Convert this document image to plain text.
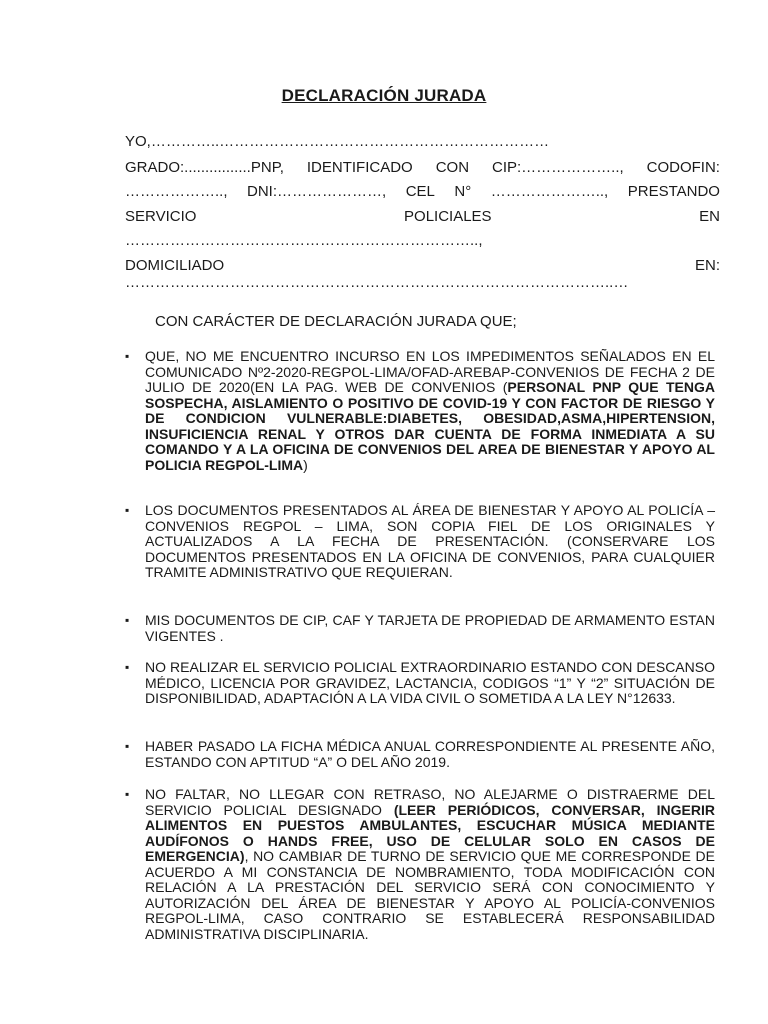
DECLARACIÓN JURADA
YO,…………..…………………………………………………………
GRADO:................PNP, IDENTIFICADO CON CIP:……………….., CODOFIN:
……………….., DNI:…………………, CEL N° ………………….., PRESTANDO
SERVICIO	POLICIALES	EN
……………………………………………………………..,
DOMICILIADO	EN:
……………………………………………………………………………………..…
CON CARÁCTER DE DECLARACIÓN JURADA QUE;
▪ QUE, NO ME ENCUENTRO INCURSO EN LOS IMPEDIMENTOS SEÑALADOS EN EL COMUNICADO Nº2-2020-REGPOL-LIMA/OFAD-AREBAP-CONVENIOS DE FECHA 2 DE JULIO DE 2020(EN LA PAG. WEB DE CONVENIOS (PERSONAL PNP QUE TENGA SOSPECHA, AISLAMIENTO O POSITIVO DE COVID-19 Y CON FACTOR DE RIESGO Y DE CONDICION VULNERABLE:DIABETES, OBESIDAD,ASMA,HIPERTENSION, INSUFICIENCIA RENAL Y OTROS DAR CUENTA DE FORMA INMEDIATA A SU COMANDO Y A LA OFICINA DE CONVENIOS DEL AREA DE BIENESTAR Y APOYO AL POLICIA REGPOL-LIMA)
▪ LOS DOCUMENTOS PRESENTADOS AL ÁREA DE BIENESTAR Y APOYO AL POLICÍA – CONVENIOS REGPOL – LIMA, SON COPIA FIEL DE LOS ORIGINALES Y ACTUALIZADOS A LA FECHA DE PRESENTACIÓN. (CONSERVARE LOS DOCUMENTOS PRESENTADOS EN LA OFICINA DE CONVENIOS, PARA CUALQUIER TRAMITE ADMINISTRATIVO QUE REQUIERAN.
▪ MIS DOCUMENTOS DE CIP, CAF Y TARJETA DE PROPIEDAD DE ARMAMENTO ESTAN VIGENTES .
▪ NO REALIZAR EL SERVICIO POLICIAL EXTRAORDINARIO ESTANDO CON DESCANSO MÉDICO, LICENCIA POR GRAVIDEZ, LACTANCIA, CODIGOS “1” Y “2” SITUACIÓN DE DISPONIBILIDAD, ADAPTACIÓN A LA VIDA CIVIL O SOMETIDA A LA LEY N°12633.
▪ HABER PASADO LA FICHA MÉDICA ANUAL CORRESPONDIENTE AL PRESENTE AÑO, ESTANDO CON APTITUD “A” O DEL AÑO 2019.
▪ NO FALTAR, NO LLEGAR CON RETRASO, NO ALEJARME O DISTRAERME DEL SERVICIO POLICIAL DESIGNADO (LEER PERIÓDICOS, CONVERSAR, INGERIR ALIMENTOS EN PUESTOS AMBULANTES, ESCUCHAR MÚSICA MEDIANTE AUDÍFONOS O HANDS FREE, USO DE CELULAR SOLO EN CASOS DE EMERGENCIA), NO CAMBIAR DE TURNO DE SERVICIO QUE ME CORRESPONDE DE ACUERDO A MI CONSTANCIA DE NOMBRAMIENTO, TODA MODIFICACIÓN CON RELACIÓN A LA PRESTACIÓN DEL SERVICIO SERÁ CON CONOCIMIENTO Y AUTORIZACIÓN DEL ÁREA DE BIENESTAR Y APOYO AL POLICÍA-CONVENIOS REGPOL-LIMA, CASO CONTRARIO SE ESTABLECERÁ RESPONSABILIDAD ADMINISTRATIVA DISCIPLINARIA.
